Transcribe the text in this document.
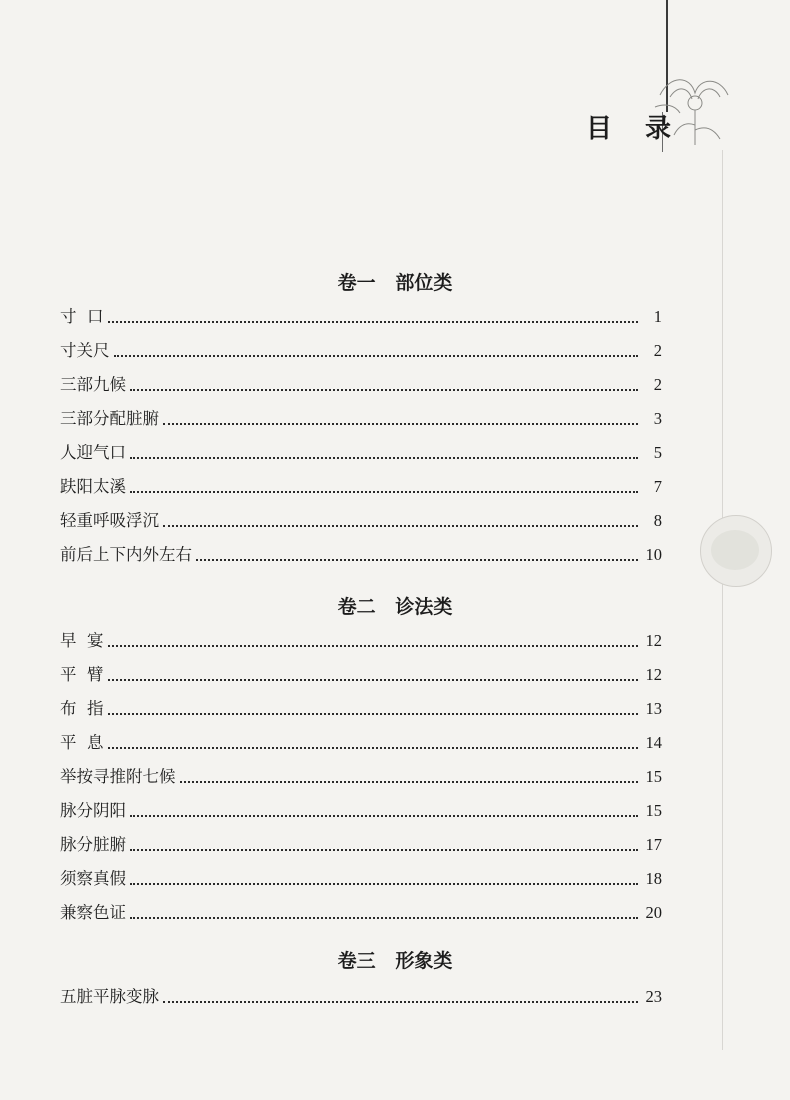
目 录
卷一   部位类
寸  口	1
寸关尺	2
三部九候	2
三部分配脏腑	3
人迎气口	5
趺阳太溪	7
轻重呼吸浮沉	8
前后上下内外左右	10
卷二   诊法类
早  宴	12
平  臂	12
布  指	13
平  息	14
举按寻推附七候	15
脉分阴阳	15
脉分脏腑	17
须察真假	18
兼察色证	20
卷三   形象类
五脏平脉变脉	23
